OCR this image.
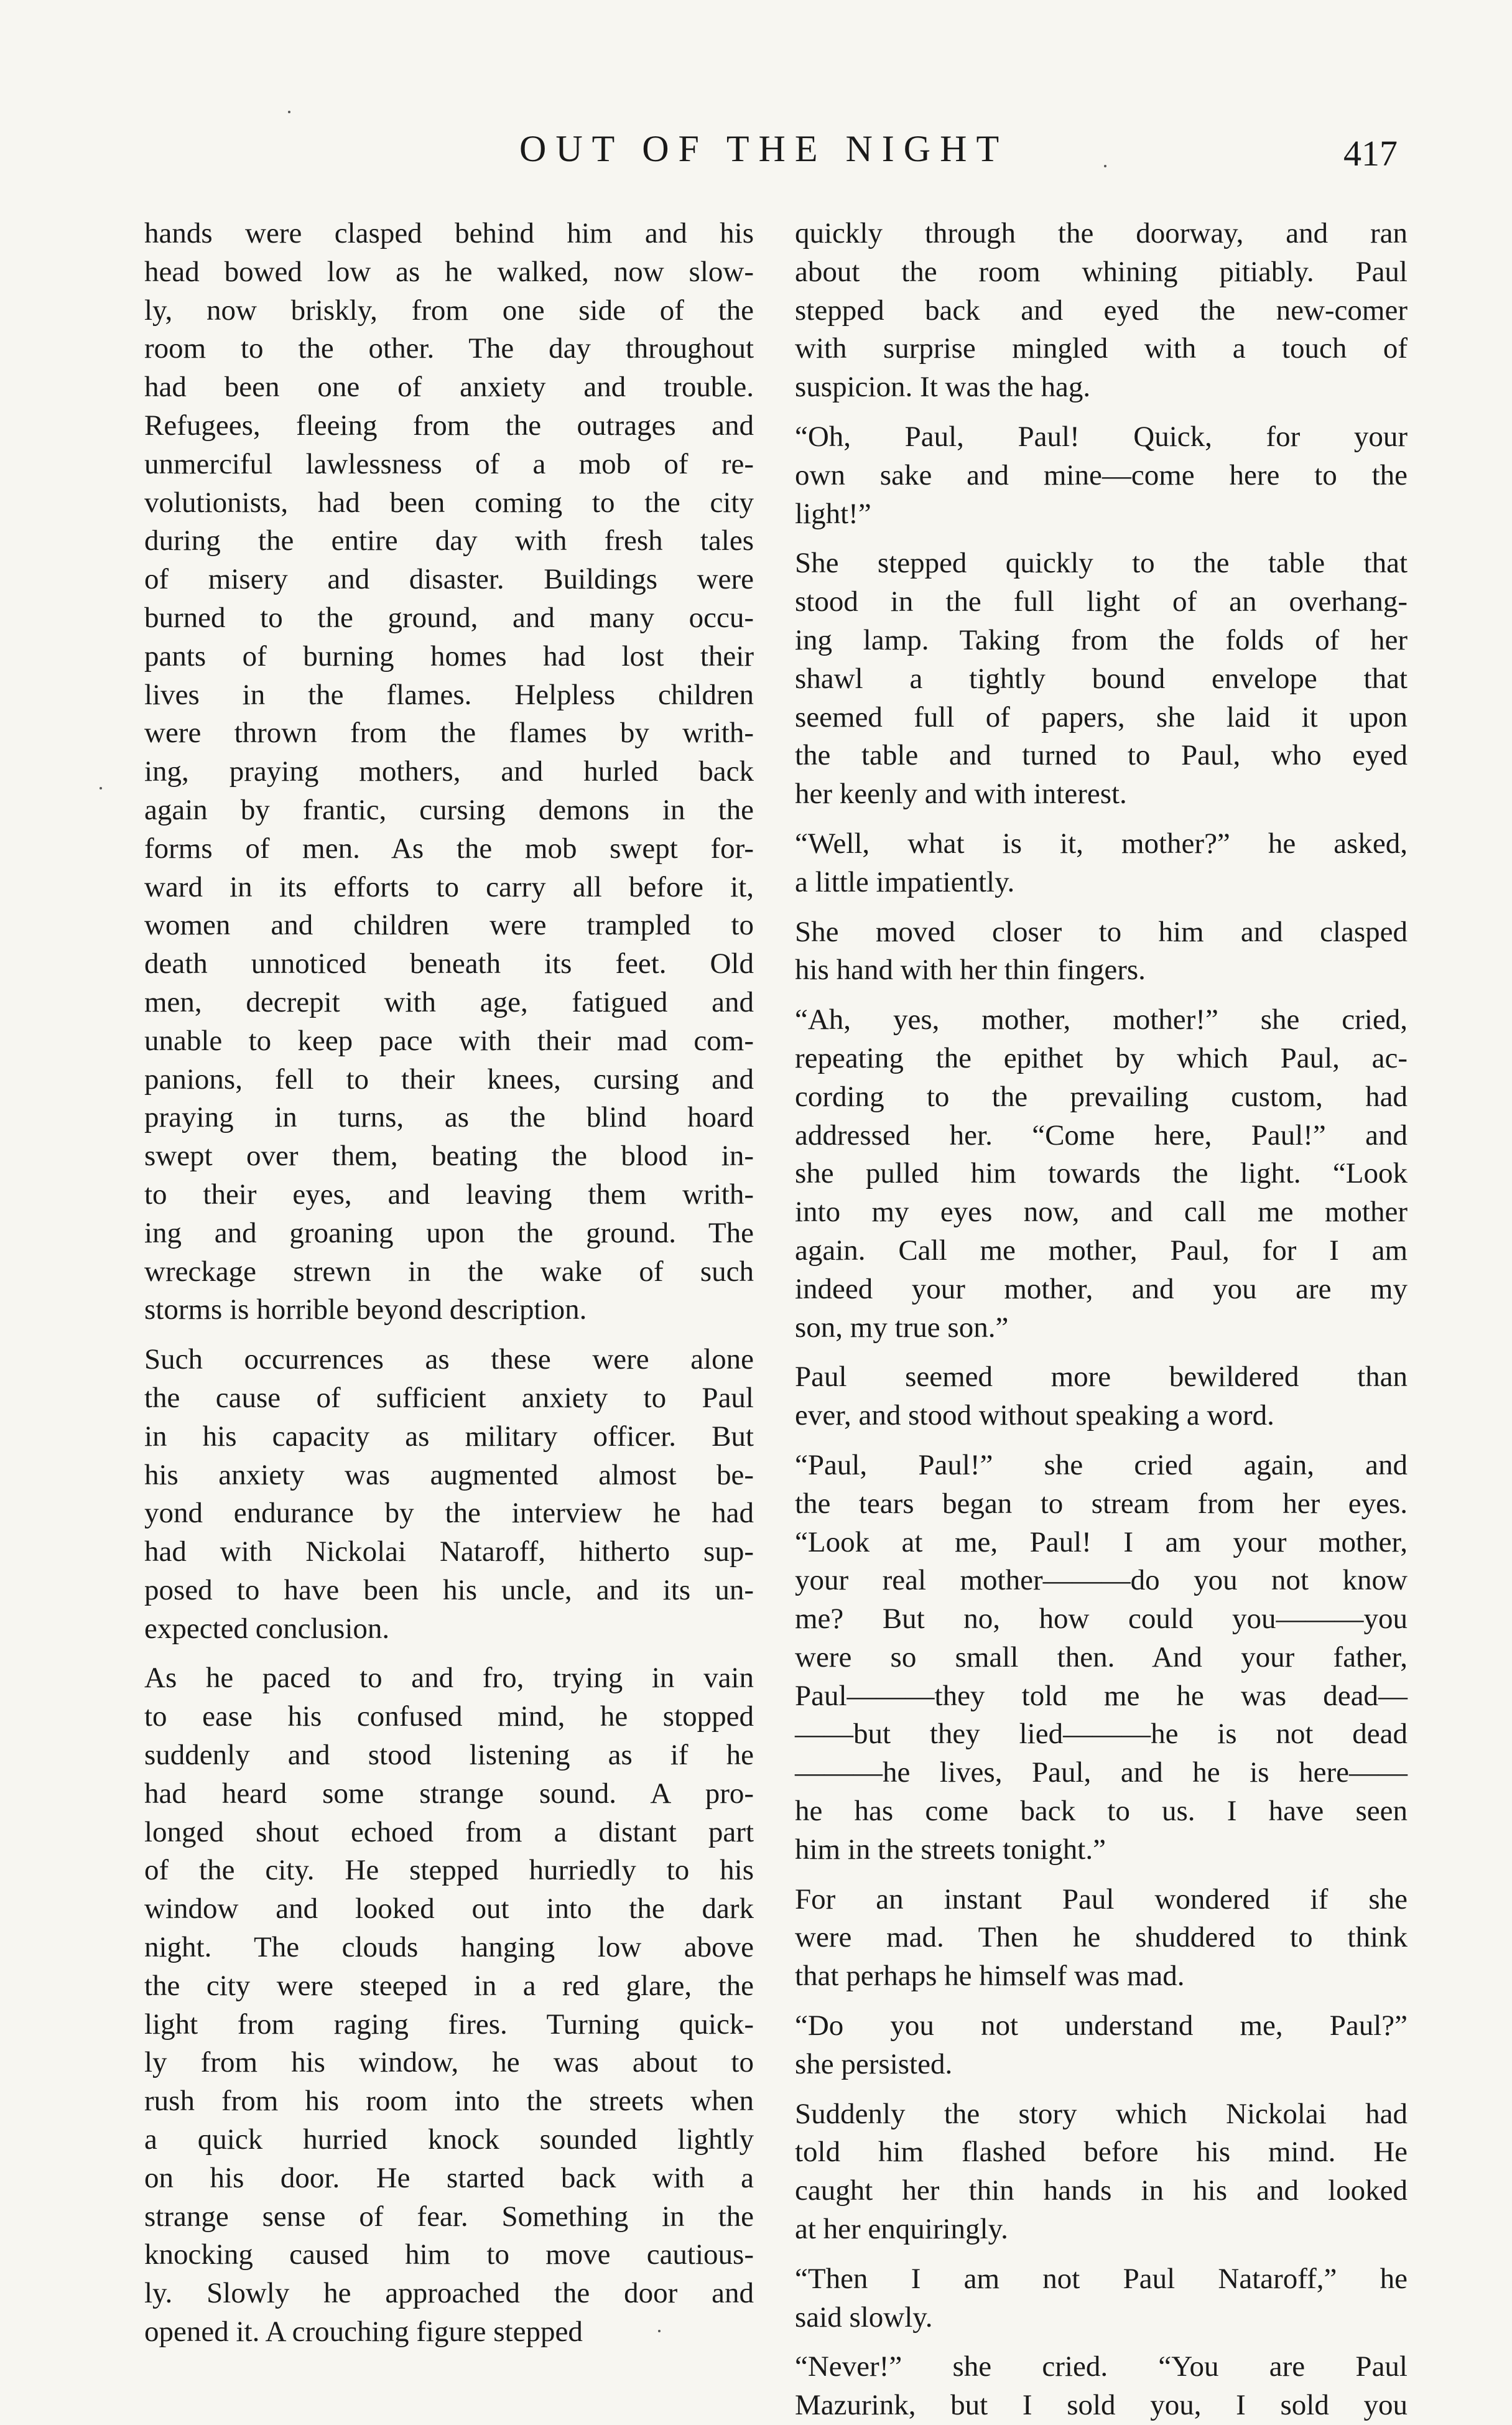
OUT OF THE NIGHT	417
hands were clasped behind him and his
head bowed low as he walked, now slow-
ly, now briskly, from one side of the
room to the other. The day throughout
had been one of anxiety and trouble.
Refugees, fleeing from the outrages and
unmerciful lawlessness of a mob of re-
volutionists, had been coming to the city
during the entire day with fresh tales
of misery and disaster. Buildings were
burned to the ground, and many occu-
pants of burning homes had lost their
lives in the flames. Helpless children
were thrown from the flames by writh-
ing, praying mothers, and hurled back
again by frantic, cursing demons in the
forms of men. As the mob swept for-
ward in its efforts to carry all before it,
women and children were trampled to
death unnoticed beneath its feet. Old
men, decrepit with age, fatigued and
unable to keep pace with their mad com-
panions, fell to their knees, cursing and
praying in turns, as the blind hoard
swept over them, beating the blood in-
to their eyes, and leaving them writh-
ing and groaning upon the ground. The
wreckage strewn in the wake of such
storms is horrible beyond description.
Such occurrences as these were alone
the cause of sufficient anxiety to Paul
in his capacity as military officer. But
his anxiety was augmented almost be-
yond endurance by the interview he had
had with Nickolai Nataroff, hitherto sup-
posed to have been his uncle, and its un-
expected conclusion.
As he paced to and fro, trying in vain
to ease his confused mind, he stopped
suddenly and stood listening as if he
had heard some strange sound. A pro-
longed shout echoed from a distant part
of the city. He stepped hurriedly to his
window and looked out into the dark
night. The clouds hanging low above
the city were steeped in a red glare, the
light from raging fires. Turning quick-
ly from his window, he was about to
rush from his room into the streets when
a quick hurried knock sounded lightly
on his door. He started back with a
strange sense of fear. Something in the
knocking caused him to move cautious-
ly. Slowly he approached the door and
opened it. A crouching figure stepped
quickly through the doorway, and ran
about the room whining pitiably. Paul
stepped back and eyed the new-comer
with surprise mingled with a touch of
suspicion. It was the hag.
“Oh, Paul, Paul! Quick, for your
own sake and mine—come here to the
light!”
She stepped quickly to the table that
stood in the full light of an overhang-
ing lamp. Taking from the folds of her
shawl a tightly bound envelope that
seemed full of papers, she laid it upon
the table and turned to Paul, who eyed
her keenly and with interest.
“Well, what is it, mother?” he asked,
a little impatiently.
She moved closer to him and clasped
his hand with her thin fingers.
“Ah, yes, mother, mother!” she cried,
repeating the epithet by which Paul, ac-
cording to the prevailing custom, had
addressed her. “Come here, Paul!” and
she pulled him towards the light. “Look
into my eyes now, and call me mother
again. Call me mother, Paul, for I am
indeed your mother, and you are my
son, my true son.”
Paul seemed more bewildered than
ever, and stood without speaking a word.
“Paul, Paul!” she cried again, and
the tears began to stream from her eyes.
“Look at me, Paul! I am your mother,
your real mother———do you not know
me? But no, how could you———you
were so small then. And your father,
Paul———they told me he was dead—
——but they lied———he is not dead
———he lives, Paul, and he is here——
he has come back to us. I have seen
him in the streets tonight.”
For an instant Paul wondered if she
were mad. Then he shuddered to think
that perhaps he himself was mad.
“Do you not understand me, Paul?”
she persisted.
Suddenly the story which Nickolai had
told him flashed before his mind. He
caught her thin hands in his and looked
at her enquiringly.
“Then I am not Paul Nataroff,” he
said slowly.
“Never!” she cried. “You are Paul
Mazurink, but I sold you, I sold you
